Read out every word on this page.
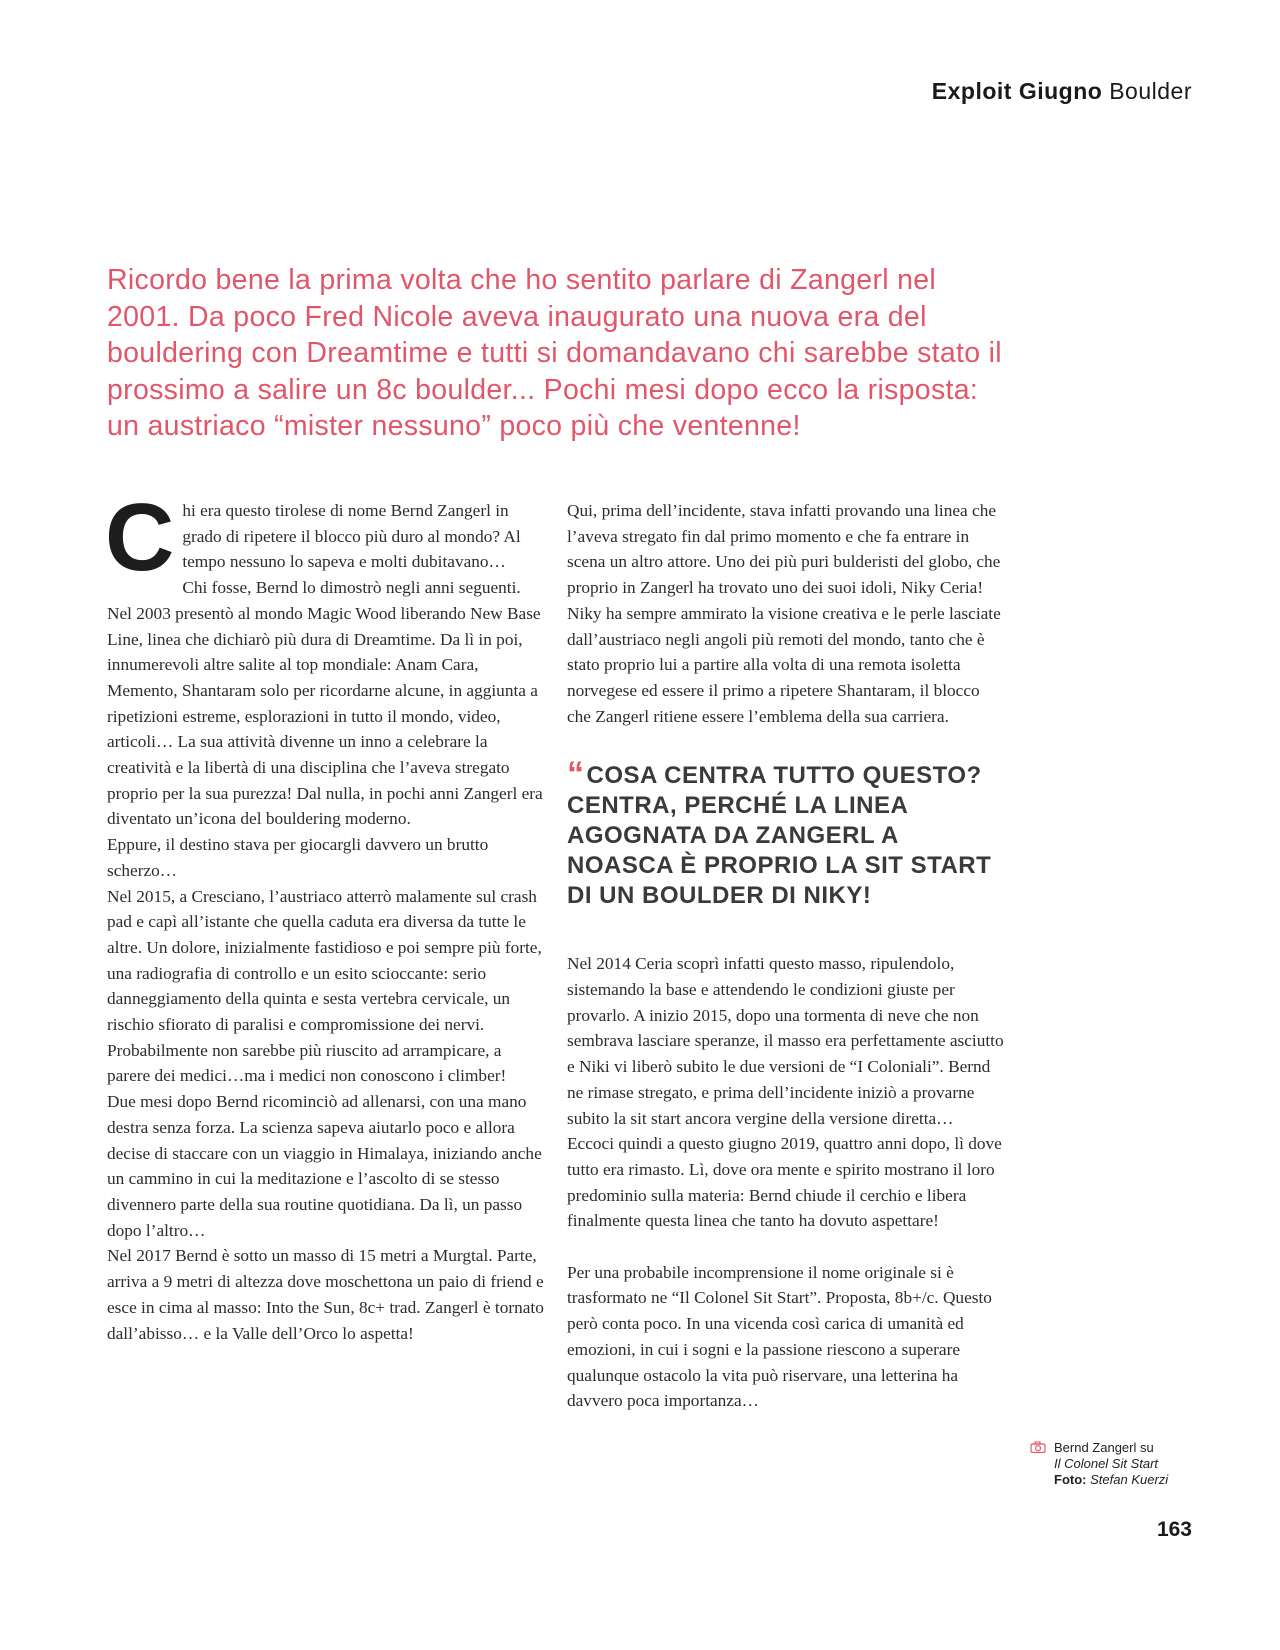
Exploit Giugno Boulder
Ricordo bene la prima volta che ho sentito parlare di Zangerl nel 2001. Da poco Fred Nicole aveva inaugurato una nuova era del bouldering con Dreamtime e tutti si domandavano chi sarebbe stato il prossimo a salire un 8c boulder... Pochi mesi dopo ecco la risposta: un austriaco “mister nessuno” poco più che ventenne!

Chi era questo tirolese di nome Bernd Zangerl in grado di ripetere il blocco più duro al mondo? Al tempo nessuno lo sapeva e molti dubitavano…

Chi fosse, Bernd lo dimostrò negli anni seguenti. Nel 2003 presentò al mondo Magic Wood liberando New Base Line, linea che dichiarò più dura di Dreamtime. Da lì in poi, innumerevoli altre salite al top mondiale: Anam Cara, Memento, Shantaram solo per ricordarne alcune, in aggiunta a ripetizioni estreme, esplorazioni in tutto il mondo, video, articoli… La sua attività divenne un inno a celebrare la creatività e la libertà di una disciplina che l’aveva stregato proprio per la sua purezza! Dal nulla, in pochi anni Zangerl era diventato un’icona del bouldering moderno.

Eppure, il destino stava per giocargli davvero un brutto scherzo…

Nel 2015, a Cresciano, l’austriaco atterrò malamente sul crash pad e capì all’istante che quella caduta era diversa da tutte le altre. Un dolore, inizialmente fastidioso e poi sempre più forte, una radiografia di controllo e un esito scioccante: serio danneggiamento della quinta e sesta vertebra cervicale, un rischio sfiorato di paralisi e compromissione dei nervi. Probabilmente non sarebbe più riuscito ad arrampicare, a parere dei medici…ma i medici non conoscono i climber!

Due mesi dopo Bernd ricominciò ad allenarsi, con una mano destra senza forza. La scienza sapeva aiutarlo poco e allora decise di staccare con un viaggio in Himalaya, iniziando anche un cammino in cui la meditazione e l’ascolto di se stesso divennero parte della sua routine quotidiana. Da lì, un passo dopo l’altro…

Nel 2017 Bernd è sotto un masso di 15 metri a Murgtal. Parte, arriva a 9 metri di altezza dove moschettona un paio di friend e esce in cima al masso: Into the Sun, 8c+ trad. Zangerl è tornato dall’abisso… e la Valle dell’Orco lo aspetta!

Qui, prima dell’incidente, stava infatti provando una linea che l’aveva stregato fin dal primo momento e che fa entrare in scena un altro attore. Uno dei più puri bulderisti del globo, che proprio in Zangerl ha trovato uno dei suoi idoli, Niky Ceria!

Niky ha sempre ammirato la visione creativa e le perle lasciate dall’austriaco negli angoli più remoti del mondo, tanto che è stato proprio lui a partire alla volta di una remota isoletta norvegese ed essere il primo a ripetere Shantaram, il blocco che Zangerl ritiene essere l’emblema della sua carriera.

“COSA CENTRA TUTTO QUESTO? CENTRA, PERCHÉ LA LINEA AGOGNATA DA ZANGERL A NOASCA È PROPRIO LA SIT START DI UN BOULDER DI NIKY!

Nel 2014 Ceria scoprì infatti questo masso, ripulendolo, sistemando la base e attendendo le condizioni giuste per provarlo. A inizio 2015, dopo una tormenta di neve che non sembrava lasciare speranze, il masso era perfettamente asciutto e Niki vi liberò subito le due versioni de “I Coloniali”. Bernd ne rimase stregato, e prima dell’incidente iniziò a provarne subito la sit start ancora vergine della versione diretta…

Eccoci quindi a questo giugno 2019, quattro anni dopo, lì dove tutto era rimasto. Lì, dove ora mente e spirito mostrano il loro predominio sulla materia: Bernd chiude il cerchio e libera finalmente questa linea che tanto ha dovuto aspettare!

Per una probabile incomprensione il nome originale si è trasformato ne “Il Colonel Sit Start”. Proposta, 8b+/c. Questo però conta poco. In una vicenda così carica di umanità ed emozioni, in cui i sogni e la passione riescono a superare qualunque ostacolo la vita può riservare, una letterina ha davvero poca importanza…

Bernd Zangerl su
Il Colonel Sit Start
Foto: Stefan Kuerzi
163
